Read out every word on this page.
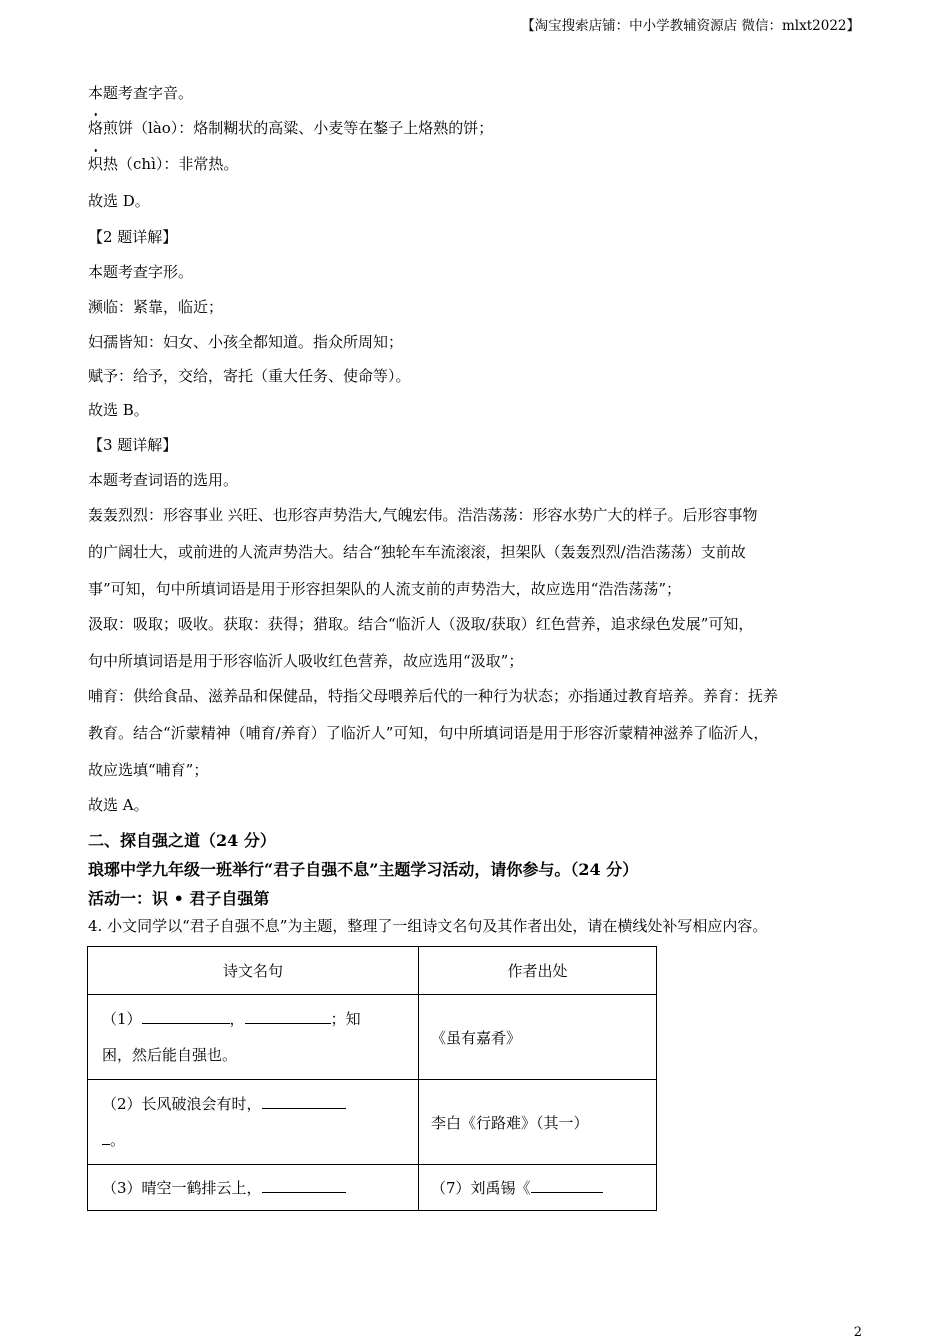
【淘宝搜索店铺：中小学教辅资源店 微信：mlxt2022】
本题考查字音。
烙煎饼（lào）：烙制糊状的高粱、小麦等在鏊子上烙熟的饼；
炽热（chì）：非常热。
故选 D。
【2 题详解】
本题考查字形。
濒临：紧靠，临近；
妇孺皆知：妇女、小孩全都知道。指众所周知；
赋予：给予，交给，寄托（重大任务、使命等）。
故选 B。
【3 题详解】
本题考查词语的选用。
轰轰烈烈：形容事业 兴旺、也形容声势浩大,气魄宏伟。浩浩荡荡：形容水势广大的样子。后形容事物
的广阔壮大，或前进的人流声势浩大。结合“独轮车车流滚滚，担架队（轰轰烈烈/浩浩荡荡）支前故
事”可知，句中所填词语是用于形容担架队的人流支前的声势浩大，故应选用“浩浩荡荡”；
汲取：吸取；吸收。获取：获得；猎取。结合“临沂人（汲取/获取）红色营养，追求绿色发展”可知，
句中所填词语是用于形容临沂人吸收红色营养，故应选用“汲取”；
哺育：供给食品、滋养品和保健品，特指父母喂养后代的一种行为状态；亦指通过教育培养。养育：抚养
教育。结合“沂蒙精神（哺育/养育）了临沂人”可知，句中所填词语是用于形容沂蒙精神滋养了临沂人，
故应选填“哺育”；
故选 A。
二、探自强之道（24 分）
琅琊中学九年级一班举行“君子自强不息”主题学习活动，请你参与。（24 分）
活动一：识 • 君子自强第
4. 小文同学以“君子自强不息”为主题，整理了一组诗文名句及其作者出处，请在横线处补写相应内容。
诗文名句	作者出处

（1） ， ；知
困，然后能自强也。	《虽有嘉肴》

（2）长风破浪会有时，
。	李白《行路难》（其一）
（3）晴空一鹤排云上，	（7）刘禹锡《
2
